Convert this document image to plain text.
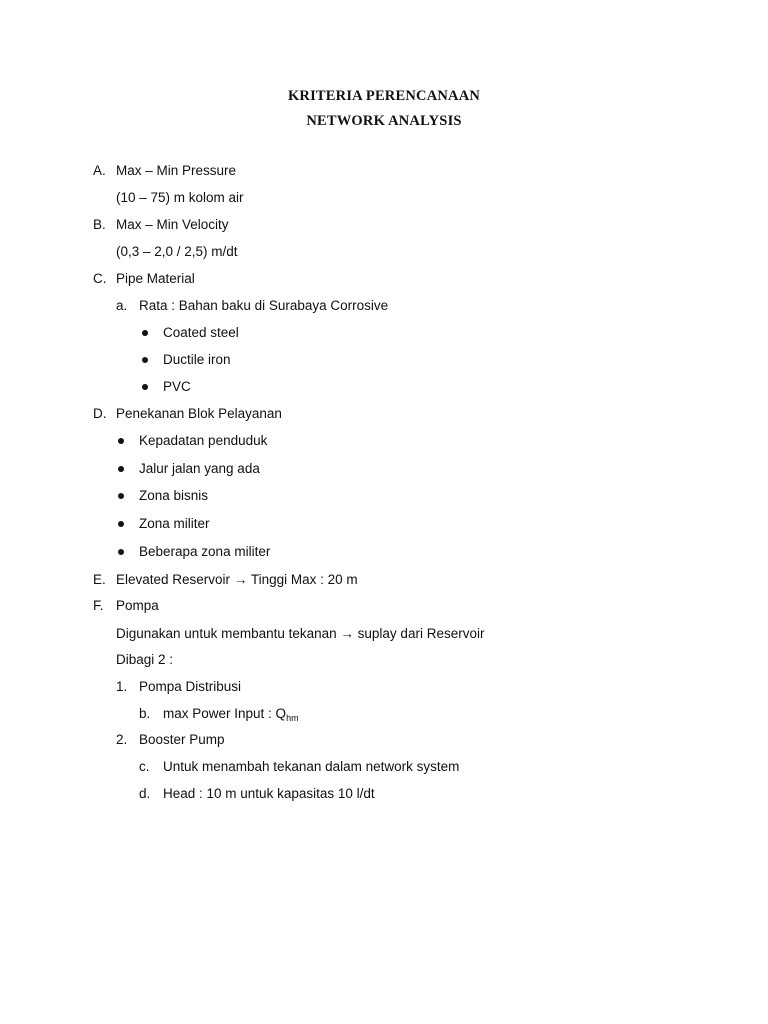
KRITERIA PERENCANAAN
NETWORK ANALYSIS
A. Max – Min Pressure
(10 – 75) m kolom air
B. Max – Min Velocity
(0,3 – 2,0 / 2,5) m/dt
C. Pipe Material
a. Rata : Bahan baku di Surabaya Corrosive
Coated steel
Ductile iron
PVC
D. Penekanan Blok Pelayanan
Kepadatan penduduk
Jalur jalan yang ada
Zona bisnis
Zona militer
Beberapa zona militer
E. Elevated Reservoir → Tinggi Max : 20 m
F. Pompa
Digunakan untuk membantu tekanan → suplay dari Reservoir
Dibagi 2 :
1. Pompa Distribusi
b. max Power Input : $Q_{hm}$
2. Booster Pump
c. Untuk menambah tekanan dalam network system
d. Head : 10 m untuk kapasitas 10 l/dt
